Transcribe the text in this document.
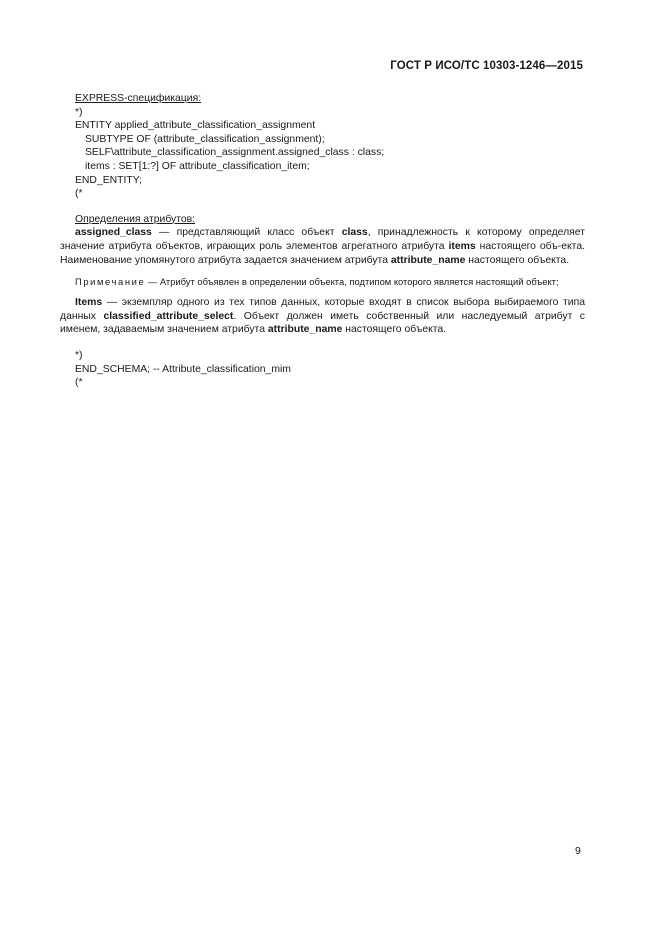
ГОСТ Р ИСО/ТС 10303-1246—2015
EXPRESS-спецификация:
*)
ENTITY applied_attribute_classification_assignment
SUBTYPE OF (attribute_classification_assignment);
SELF\attribute_classification_assignment.assigned_class : class;
items : SET[1:?] OF attribute_classification_item;
END_ENTITY;
(*
Определения атрибутов:
assigned_class — представляющий класс объект class, принадлежность к которому определяет значение атрибута объектов, играющих роль элементов агрегатного атрибута items настоящего объ-екта. Наименование упомянутого атрибута задается значением атрибута attribute_name настоящего объекта.
Примечание — Атрибут объявлен в определении объекта, подтипом которого является настоящий объект;
Items — экземпляр одного из тех типов данных, которые входят в список выбора выбираемого типа данных classified_attribute_select. Объект должен иметь собственный или наследуемый атрибут с именем, задаваемым значением атрибута attribute_name настоящего объекта.
*)
END_SCHEMA; -- Attribute_classification_mim
(*
9
